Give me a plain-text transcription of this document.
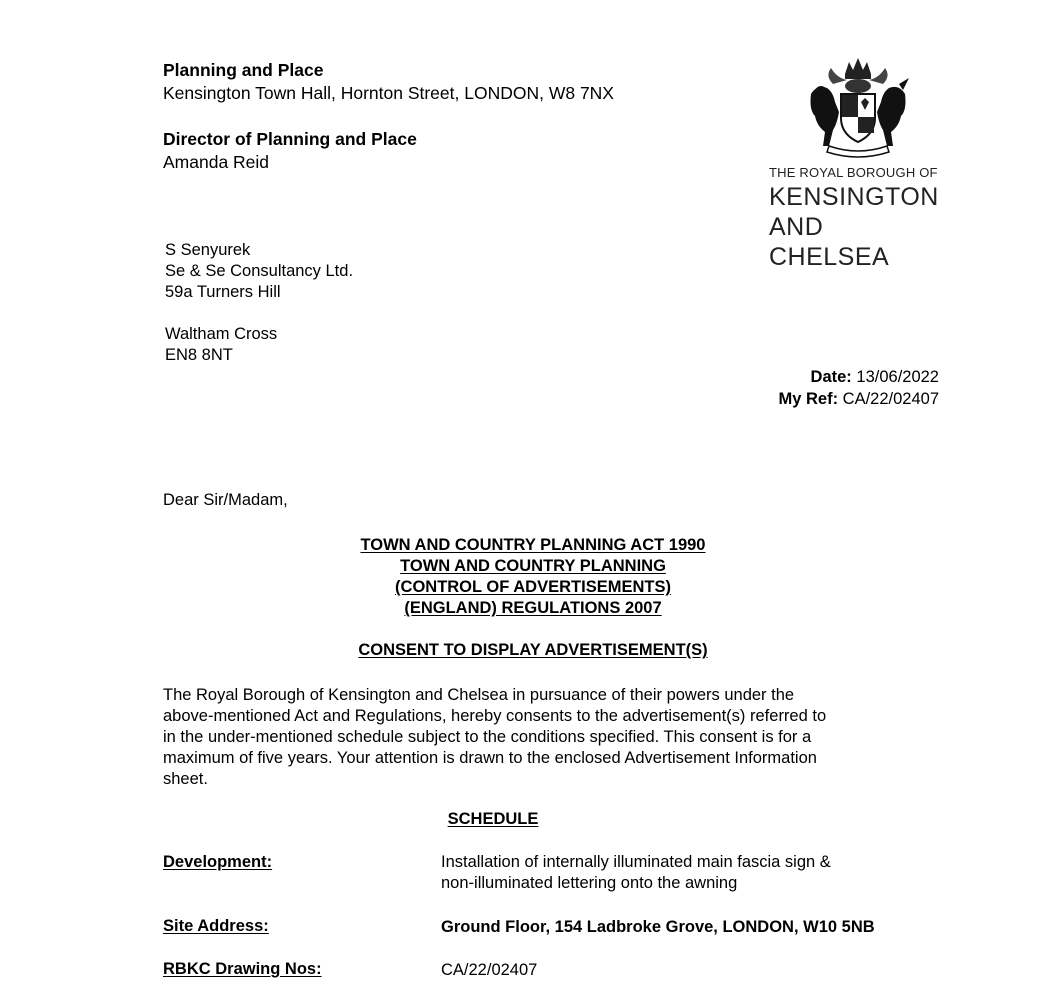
Planning and Place
Kensington Town Hall, Hornton Street, LONDON, W8 7NX
Director of Planning and Place
Amanda Reid
THE ROYAL BOROUGH OF
KENSINGTON
AND CHELSEA
S Senyurek
Se & Se Consultancy Ltd.
59a Turners Hill
Waltham Cross
EN8 8NT
Date: 13/06/2022
My Ref: CA/22/02407
Dear Sir/Madam,
TOWN AND COUNTRY PLANNING ACT 1990
TOWN AND COUNTRY PLANNING
(CONTROL OF ADVERTISEMENTS)
(ENGLAND) REGULATIONS 2007
CONSENT TO DISPLAY ADVERTISEMENT(S)
The Royal Borough of Kensington and Chelsea in pursuance of their powers under the
above-mentioned Act and Regulations, hereby consents to the advertisement(s) referred to
in the under-mentioned schedule subject to the conditions specified. This consent is for a
maximum of five years. Your attention is drawn to the enclosed Advertisement Information
sheet.
SCHEDULE
Development:	Installation of internally illuminated main fascia sign &
non-illuminated lettering onto the awning
Site Address:	Ground Floor, 154 Ladbroke Grove, LONDON, W10 5NB
RBKC Drawing Nos:	CA/22/02407
